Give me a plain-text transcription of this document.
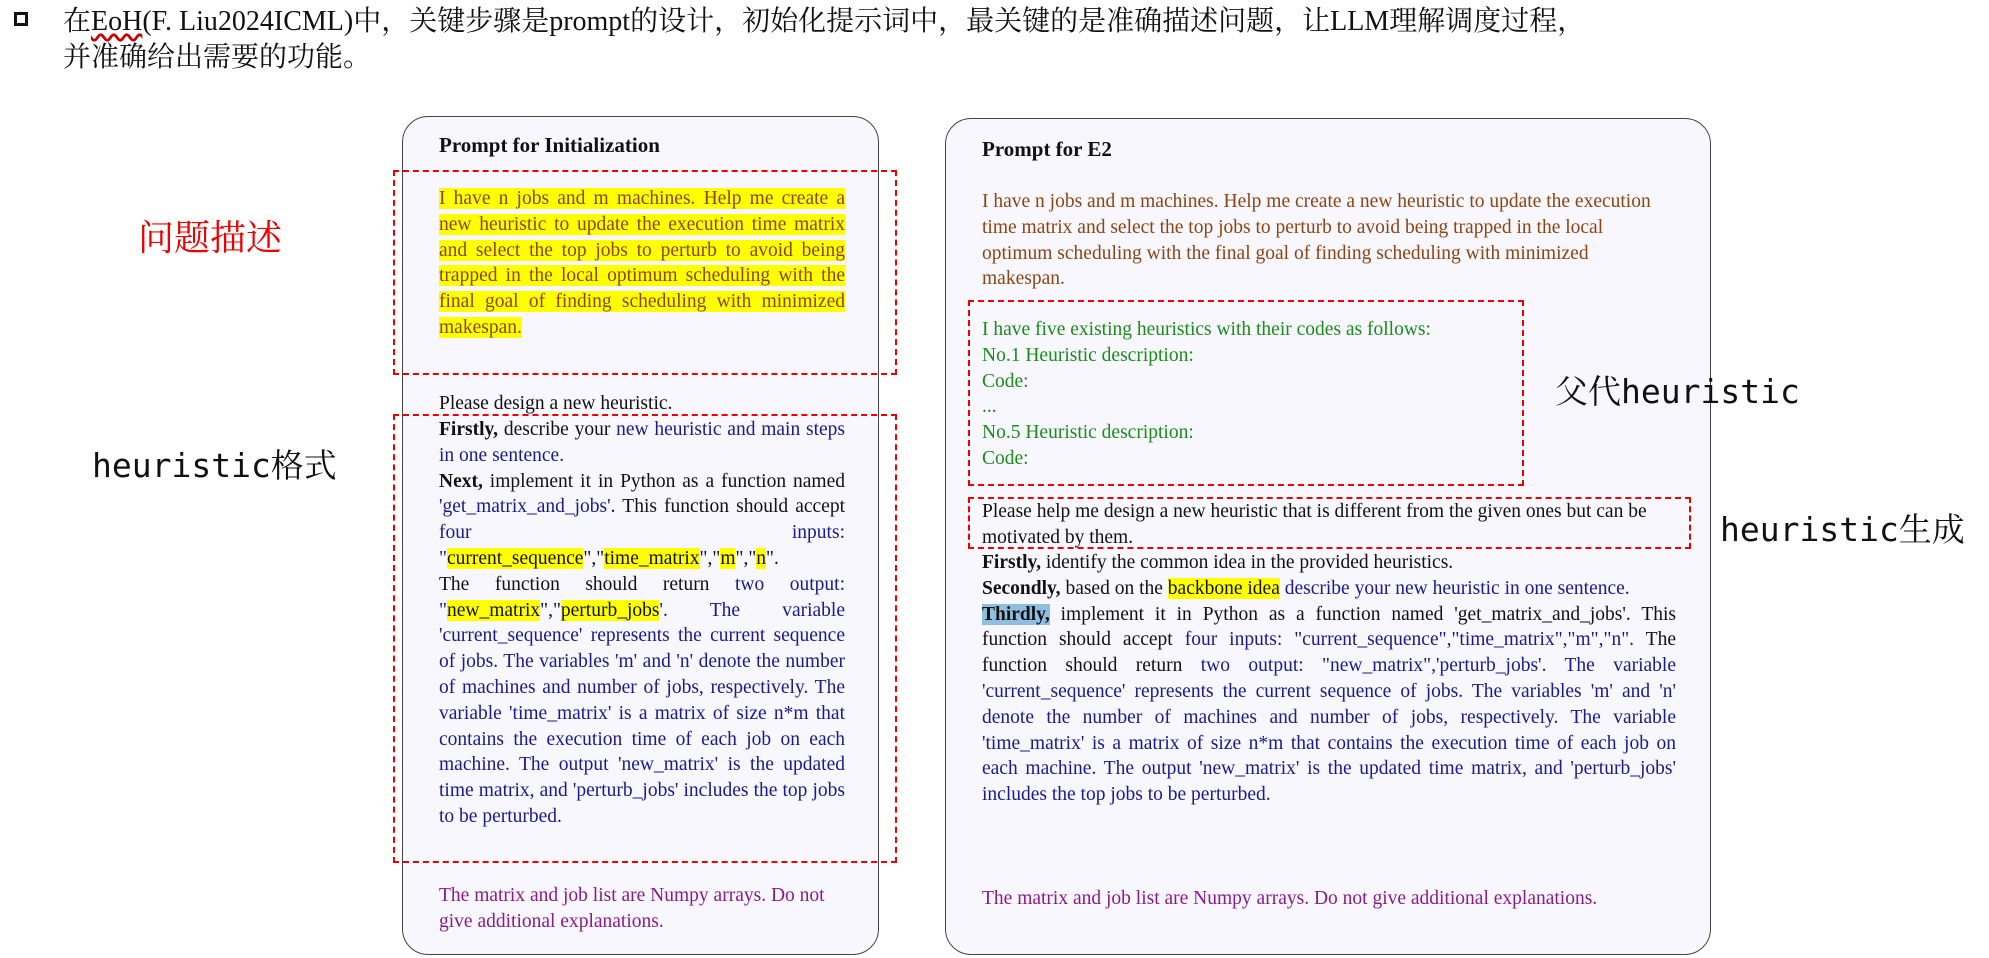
在EoH(F. Liu2024ICML)中，关键步骤是prompt的设计，初始化提示词中，最关键的是准确描述问题，让LLM理解调度过程，
并准确给出需要的功能。
问题描述
heuristic格式
Prompt for Initialization
I have n jobs and m machines. Help me create a new heuristic to update the execution time matrix and select the top jobs to perturb to avoid being trapped in the local optimum scheduling with the final goal of finding scheduling with minimized makespan.
Please design a new heuristic.
Firstly, describe your new heuristic and main steps in one sentence.
Next, implement it in Python as a function named 'get_matrix_and_jobs'. This function should accept four inputs: "current_sequence","time_matrix","m","n".
The function should return two output: "new_matrix","perturb_jobs'. The variable 'current_sequence' represents the current sequence of jobs. The variables 'm' and 'n' denote the number of machines and number of jobs, respectively. The variable 'time_matrix' is a matrix of size n*m that contains the execution time of each job on each machine. The output 'new_matrix' is the updated time matrix, and 'perturb_jobs' includes the top jobs to be perturbed.
The matrix and job list are Numpy arrays. Do not give additional explanations.
Prompt for E2
I have n jobs and m machines. Help me create a new heuristic to update the execution time matrix and select the top jobs to perturb to avoid being trapped in the local optimum scheduling with the final goal of finding scheduling with minimized makespan.
I have five existing heuristics with their codes as follows:
No.1 Heuristic description:
Code:
...
No.5 Heuristic description:
Code:
Please help me design a new heuristic that is different from the given ones but can be motivated by them.
Firstly, identify the common idea in the provided heuristics.
Secondly, based on the backbone idea describe your new heuristic in one sentence.
Thirdly, implement it in Python as a function named 'get_matrix_and_jobs'. This function should accept four inputs: "current_sequence","time_matrix","m","n". The function should return two output: "new_matrix",'perturb_jobs'. The variable 'current_sequence' represents the current sequence of jobs. The variables 'm' and 'n' denote the number of machines and number of jobs, respectively. The variable 'time_matrix' is a matrix of size n*m that contains the execution time of each job on each machine. The output 'new_matrix' is the updated time matrix, and 'perturb_jobs' includes the top jobs to be perturbed.
The matrix and job list are Numpy arrays. Do not give additional explanations.
父代heuristic
heuristic生成
